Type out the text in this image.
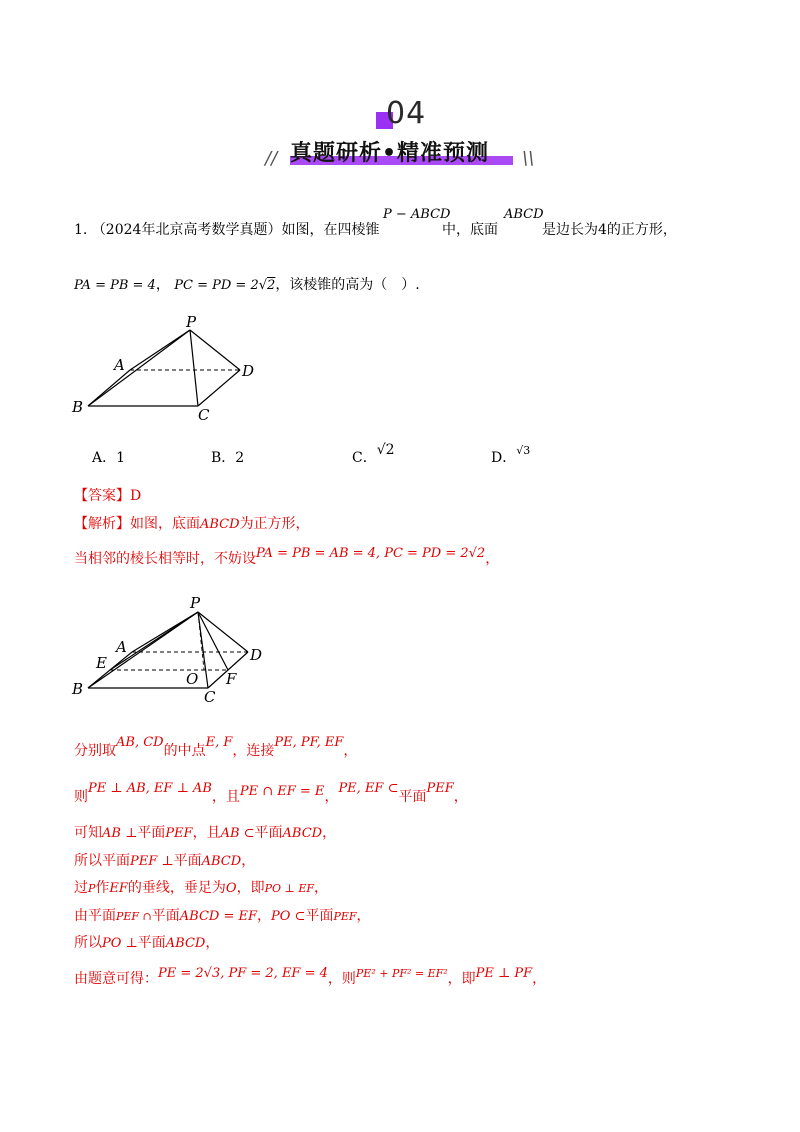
04
// 真题研析•精准预测 \\
1. （2024年北京高考数学真题）如图，在四棱锥
P − ABCD
中，底面
ABCD
是边长为4的正方形，
PA = PB = 4， PC = PD = 2√2，该棱锥的高为（　）.
P
A
B	C
D
A．1	B．2	C．√2	D．$^{√3}$
【答案】D
【解析】如图，底面ABCD为正方形，
当相邻的棱长相等时，不妨设PA = PB = AB = 4, PC = PD = 2√2，
P
A
E
B
O
C
F
D
分别取AB, CD的中点E, F，连接PE, PF, EF，
则PE ⊥ AB, EF ⊥ AB，且PE ∩ EF = E，PE, EF ⊂平面PEF，
可知AB ⊥平面PEF，且AB ⊂平面ABCD，
所以平面PEF ⊥平面ABCD，
过P作EF的垂线，垂足为O，即PO ⊥ EF，
由平面PEF ∩平面ABCD = EF，PO ⊂平面PEF，
所以PO ⊥平面ABCD，
由题意可得：PE = 2√3, PF = 2, EF = 4，则$^{PE^2 + PF^2 = EF^2}$，即PE ⊥ PF，
